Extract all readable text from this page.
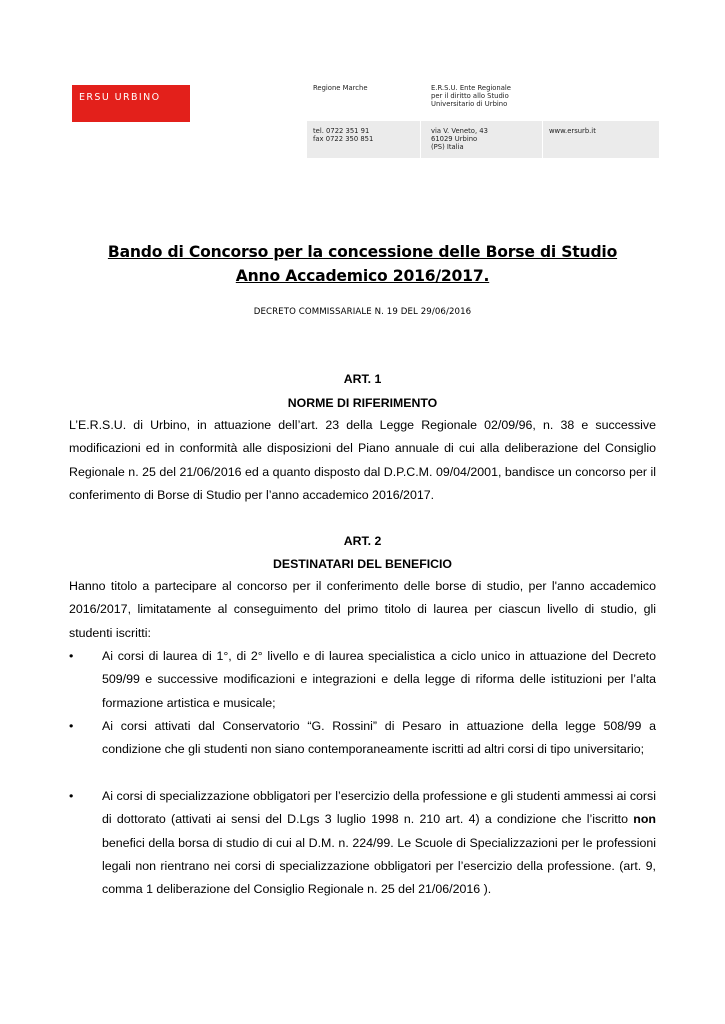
ERSU URBINO
Regione Marche	E.R.S.U. Ente Regionale
per il diritto allo Studio
Universitario di Urbino
tel. 0722 351 91
fax 0722 350 851
via V. Veneto, 43
61029 Urbino
(PS) Italia
www.ersurb.it
Bando di Concorso per la concessione delle Borse di Studio
Anno Accademico 2016/2017.
DECRETO COMMISSARIALE N. 19 DEL 29/06/2016
ART. 1
NORME DI RIFERIMENTO
L’E.R.S.U. di Urbino, in attuazione dell’art. 23 della Legge Regionale 02/09/96, n. 38 e successive modificazioni ed in conformità alle disposizioni del Piano annuale di cui alla deliberazione del Consiglio Regionale n. 25 del 21/06/2016 ed a quanto disposto dal D.P.C.M. 09/04/2001, bandisce un concorso per il conferimento di Borse di Studio per l’anno accademico 2016/2017.
ART. 2
DESTINATARI DEL BENEFICIO
Hanno titolo a partecipare al concorso per il conferimento delle borse di studio, per l'anno accademico 2016/2017, limitatamente al conseguimento del primo titolo di laurea per ciascun livello di studio, gli studenti iscritti:
• Ai corsi di laurea di 1°, di 2° livello e di laurea specialistica a ciclo unico in attuazione del Decreto 509/99 e successive modificazioni e integrazioni e della legge di riforma delle istituzioni per l’alta formazione artistica e musicale;
• Ai corsi attivati dal Conservatorio “G. Rossini” di Pesaro in attuazione della legge 508/99 a condizione che gli studenti non siano contemporaneamente iscritti ad altri corsi di tipo universitario;
• Ai corsi di specializzazione obbligatori per l’esercizio della professione e gli studenti ammessi ai corsi di dottorato (attivati ai sensi del D.Lgs 3 luglio 1998 n. 210 art. 4) a condizione che l’iscritto non benefici della borsa di studio di cui al D.M. n. 224/99. Le Scuole di Specializzazioni per le professioni legali non rientrano nei corsi di specializzazione obbligatori per l’esercizio della professione. (art. 9, comma 1 deliberazione del Consiglio Regionale n. 25 del 21/06/2016 ).
